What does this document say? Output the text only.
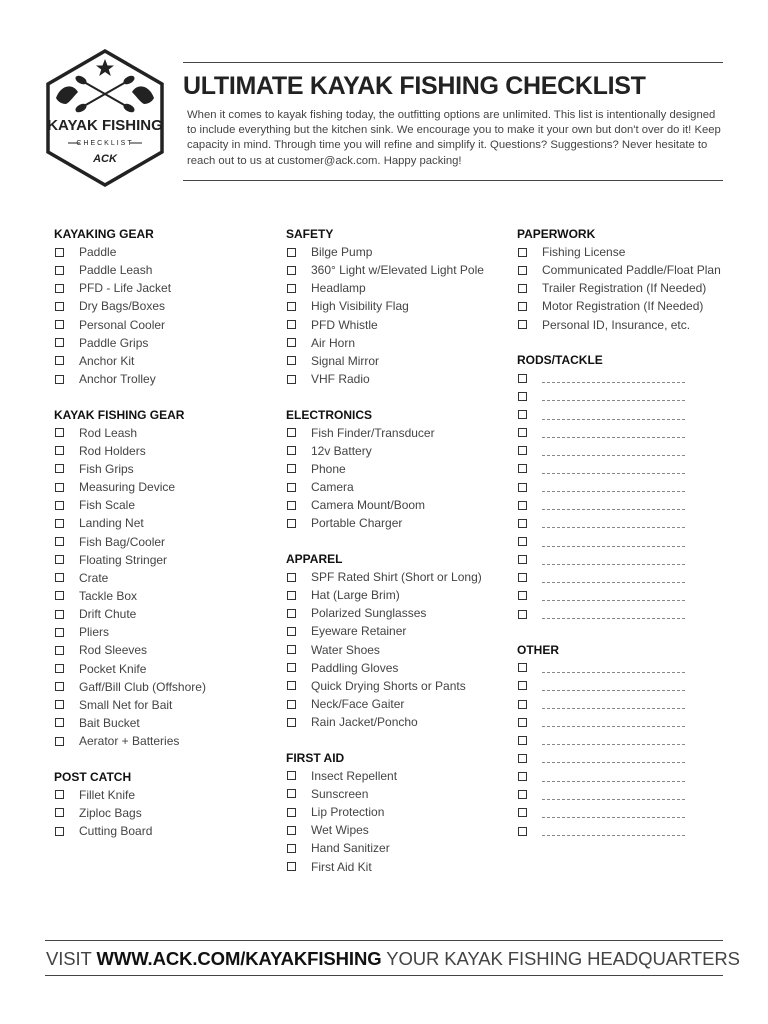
KAYAK FISHING
CHECKLIST
ACK
ULTIMATE KAYAK FISHING CHECKLIST
When it comes to kayak fishing today, the outfitting options are unlimited. This list is intentionally designed to include everything but the kitchen sink. We encourage you to make it your own but don't over do it! Keep capacity in mind. Through time you will refine and simplify it. Questions? Suggestions? Never hesitate to reach out to us at customer@ack.com. Happy packing!
KAYAKING GEAR
Paddle
Paddle Leash
PFD - Life Jacket
Dry Bags/Boxes
Personal Cooler
Paddle Grips
Anchor Kit
Anchor Trolley
KAYAK FISHING GEAR
Rod Leash
Rod Holders
Fish Grips
Measuring Device
Fish Scale
Landing Net
Fish Bag/Cooler
Floating Stringer
Crate
Tackle Box
Drift Chute
Pliers
Rod Sleeves
Pocket Knife
Gaff/Bill Club (Offshore)
Small Net for Bait
Bait Bucket
Aerator + Batteries
POST CATCH
Fillet Knife
Ziploc Bags
Cutting Board
SAFETY
Bilge Pump
360° Light w/Elevated Light Pole
Headlamp
High Visibility Flag
PFD Whistle
Air Horn
Signal Mirror
VHF Radio
ELECTRONICS
Fish Finder/Transducer
12v Battery
Phone
Camera
Camera Mount/Boom
Portable Charger
APPAREL
SPF Rated Shirt (Short or Long)
Hat (Large Brim)
Polarized Sunglasses
Eyeware Retainer
Water Shoes
Paddling Gloves
Quick Drying Shorts or Pants
Neck/Face Gaiter
Rain Jacket/Poncho
FIRST AID
Insect Repellent
Sunscreen
Lip Protection
Wet Wipes
Hand Sanitizer
First Aid Kit
PAPERWORK
Fishing License
Communicated Paddle/Float Plan
Trailer Registration (If Needed)
Motor Registration (If Needed)
Personal ID, Insurance, etc.
RODS/TACKLE
OTHER
VISIT WWW.ACK.COM/KAYAKFISHING YOUR KAYAK FISHING HEADQUARTERS
